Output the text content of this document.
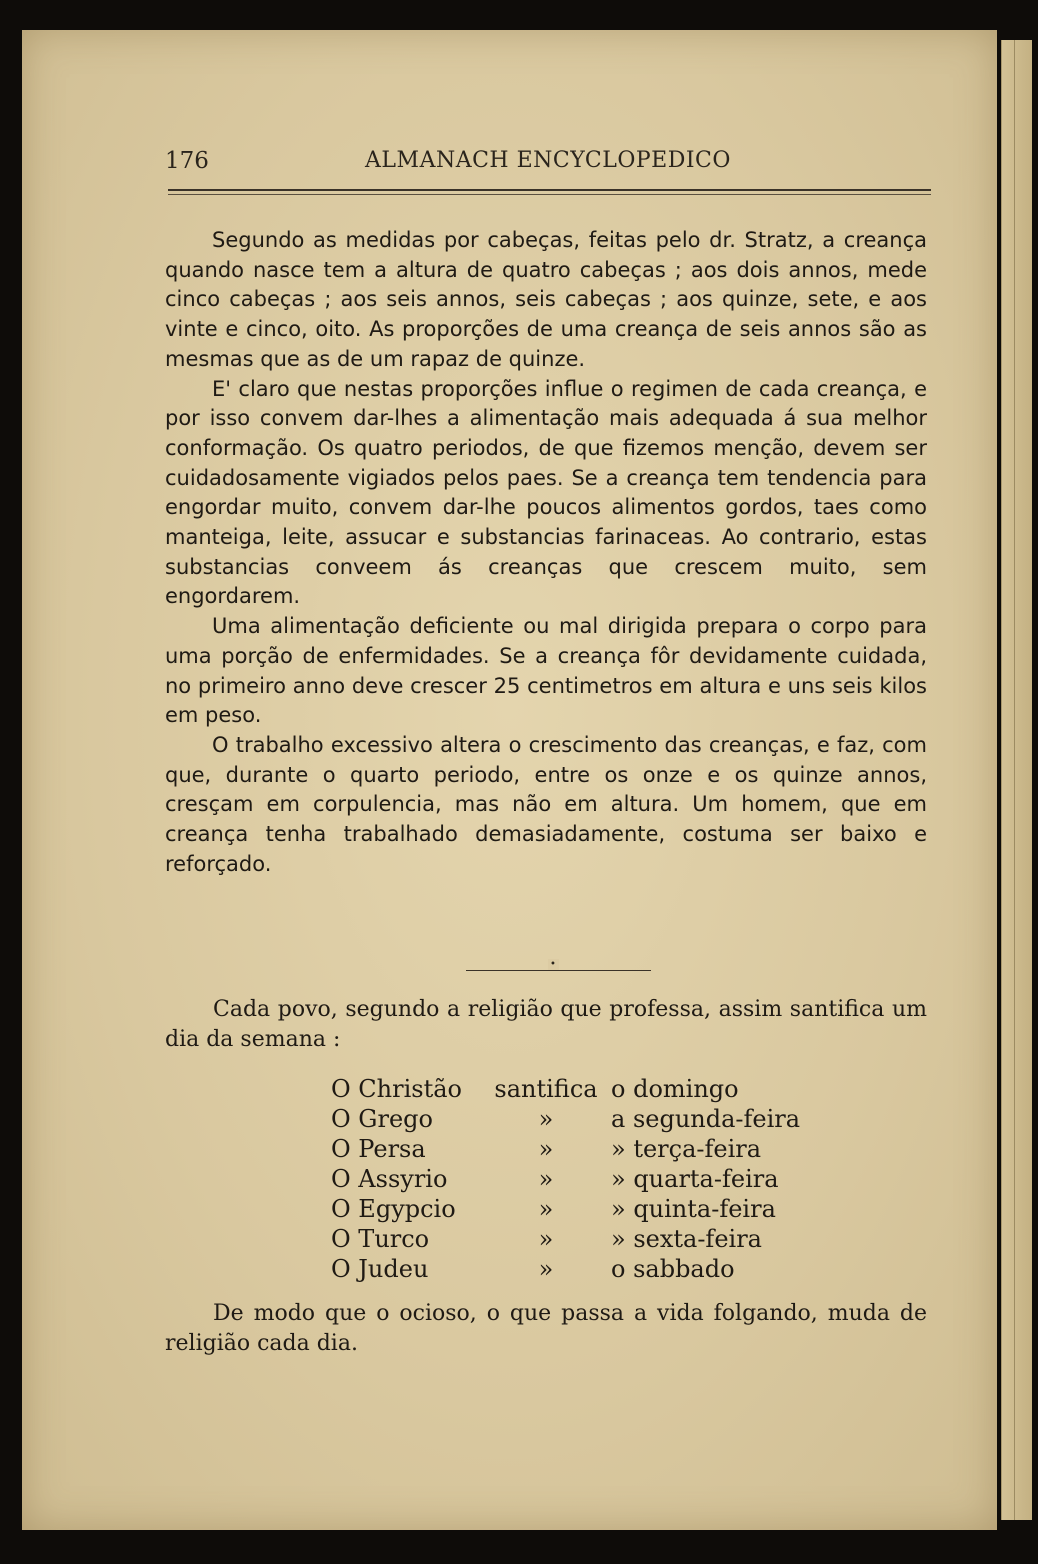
176	ALMANACH ENCYCLOPEDICO

Segundo as medidas por cabeças, feitas pelo dr. Stratz, a creança quando nasce tem a altura de quatro cabeças ; aos dois annos, mede cinco cabeças ; aos seis annos, seis cabeças ; aos quinze, sete, e aos vinte e cinco, oito. As proporções de uma creança de seis annos são as mesmas que as de um rapaz de quinze.

E' claro que nestas proporções influe o regimen de cada creança, e por isso convem dar-lhes a alimentação mais adequada á sua melhor conformação. Os quatro periodos, de que fizemos menção, devem ser cuidadosamente vigiados pelos paes. Se a creança tem tendencia para engordar muito, convem dar-lhe poucos alimentos gordos, taes como manteiga, leite, assucar e substancias farinaceas. Ao contrario, estas substancias conveem ás creanças que crescem muito, sem engordarem.

Uma alimentação deficiente ou mal dirigida prepara o corpo para uma porção de enfermidades. Se a creança fôr devidamente cuidada, no primeiro anno deve crescer 25 centimetros em altura e uns seis kilos em peso.

O trabalho excessivo altera o crescimento das creanças, e faz, com que, durante o quarto periodo, entre os onze e os quinze annos, cresçam em corpulencia, mas não em altura. Um homem, que em creança tenha trabalhado demasiadamente, costuma ser baixo e reforçado.

•

Cada povo, segundo a religião que professa, assim santifica um dia da semana :

O Christão	santifica	o domingo
O Grego	»	a segunda-feira
O Persa	»	» terça-feira
O Assyrio	»	» quarta-feira
O Egypcio	»	» quinta-feira
O Turco	»	» sexta-feira
O Judeu	»	o sabbado

De modo que o ocioso, o que passa a vida folgando, muda de religião cada dia.
